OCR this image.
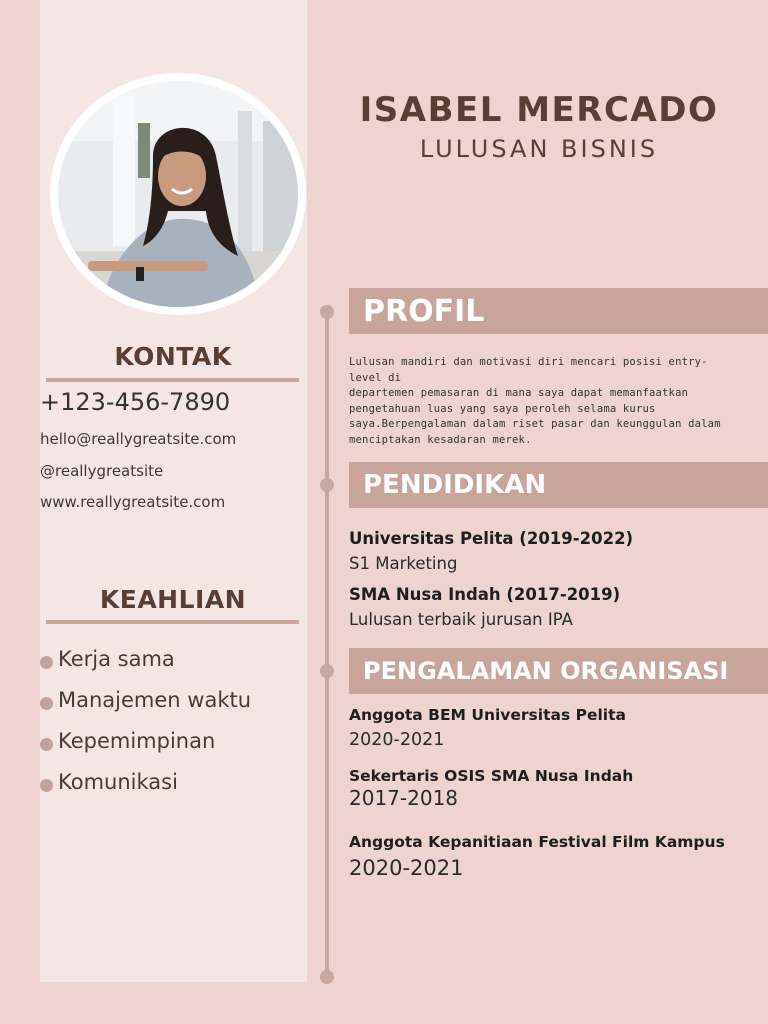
KONTAK
+123-456-7890
hello@reallygreatsite.com
@reallygreatsite
www.reallygreatsite.com
KEAHLIAN
Kerja sama
Manajemen waktu
Kepemimpinan
Komunikasi
ISABEL MERCADO
LULUSAN BISNIS
PROFIL
Lulusan mandiri dan motivasi diri mencari posisi entry-level di
departemen pemasaran di mana saya dapat memanfaatkan
pengetahuan luas yang saya peroleh selama kurus
saya.Berpengalaman dalam riset pasar dan keunggulan dalam
menciptakan kesadaran merek.
PENDIDIKAN
Universitas Pelita (2019-2022)
S1 Marketing
SMA Nusa Indah (2017-2019)
Lulusan terbaik jurusan IPA
PENGALAMAN ORGANISASI
Anggota BEM Universitas Pelita
2020-2021
Sekertaris OSIS SMA Nusa Indah
2017-2018
Anggota Kepanitiaan Festival Film Kampus
2020-2021
